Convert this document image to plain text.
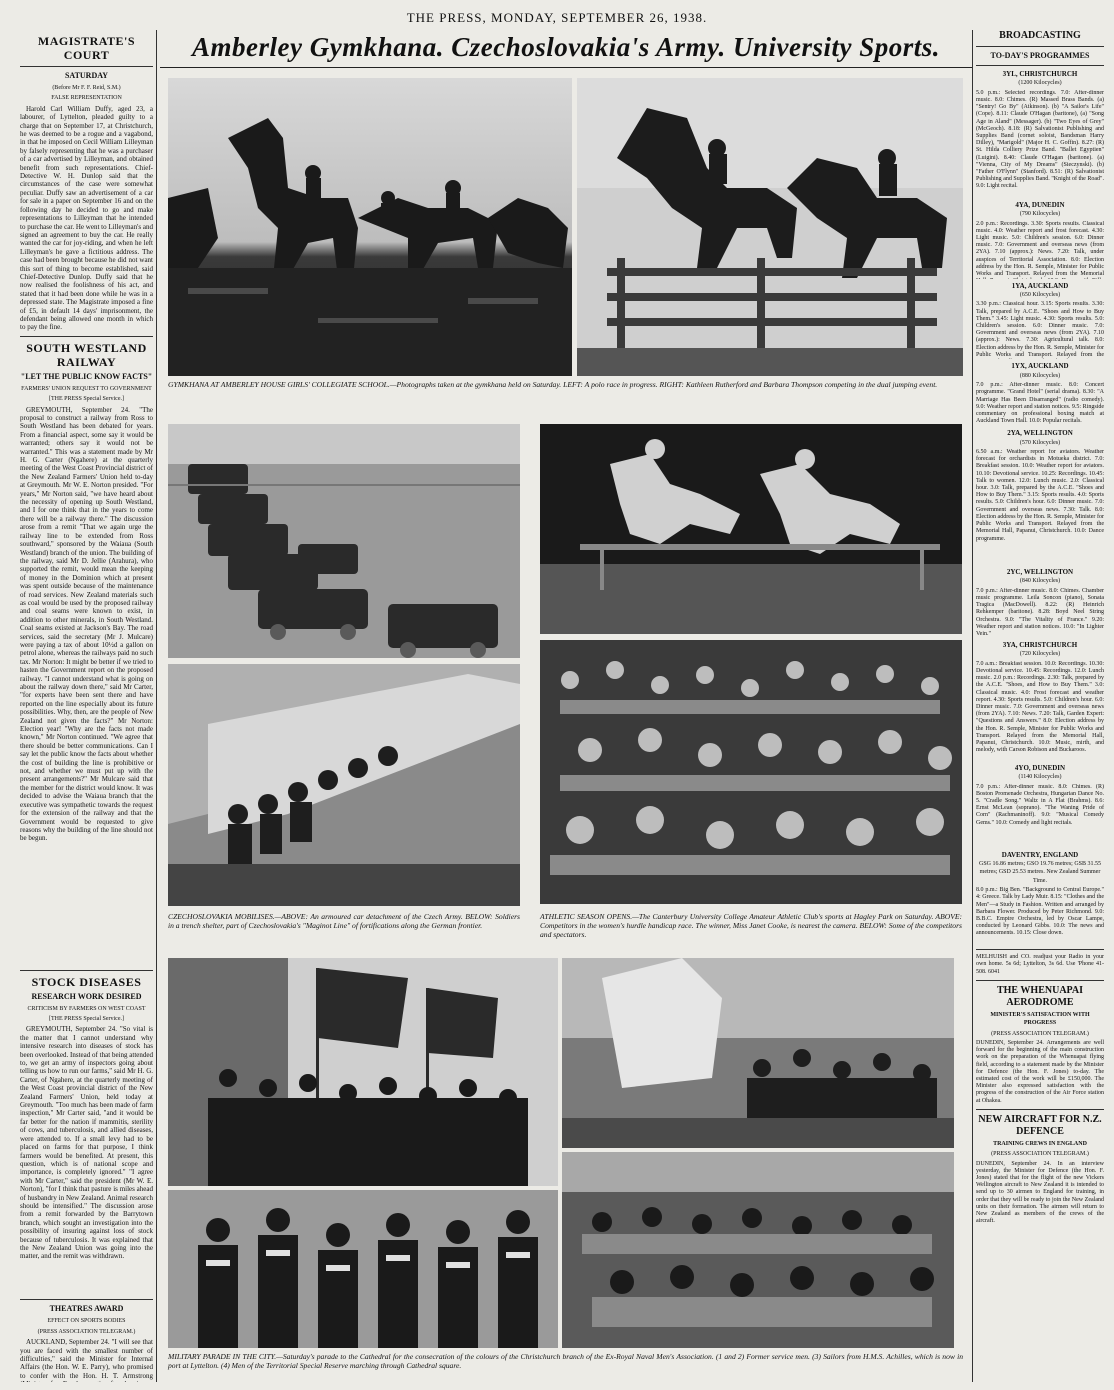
THE PRESS, MONDAY, SEPTEMBER 26, 1938.
MAGISTRATE'S COURT
SATURDAY
(Before Mr F. F. Reid, S.M.)
FALSE REPRESENTATION
Harold Carl William Duffy, aged 23, a labourer, of Lyttelton, pleaded guilty to a charge that on September 17, at Christchurch, he was deemed to be a rogue and a vagabond, in that he imposed on Cecil William Lilleyman by falsely representing that he was a purchaser of a car advertised by Lilleyman, and obtained benefit from such representations. Chief-Detective W. H. Dunlop said that the circumstances of the case were somewhat peculiar. Duffy saw an advertisement of a car for sale in a paper on September 16 and on the following day he decided to go and make representations to Lilleyman that he intended to purchase the car. He went to Lilleyman's and signed an agreement to buy the car. He really wanted the car for joy-riding, and when he left Lilleyman's he gave a fictitious address. The case had been brought because he did not want this sort of thing to become established, said Chief-Detective Dunlop. Duffy said that he now realised the foolishness of his act, and stated that it had been done while he was in a depressed state. The Magistrate imposed a fine of £5, in default 14 days' imprisonment, the defendant being allowed one month in which to pay the fine.
SOUTH WESTLAND RAILWAY
"LET THE PUBLIC KNOW FACTS"
FARMERS' UNION REQUEST TO GOVERNMENT
[THE PRESS Special Service.]
GREYMOUTH, September 24. "The proposal to construct a railway from Ross to South Westland has been debated for years. From a financial aspect, some say it would be warranted; others say it would not be warranted." This was a statement made by Mr H. G. Carter (Ngahere) at the quarterly meeting of the West Coast Provincial district of the New Zealand Farmers' Union held to-day at Greymouth. Mr W. E. Norton presided. "For years," Mr Norton said, "we have heard about the necessity of opening up South Westland, and I for one think that in the years to come there will be a railway there." The discussion arose from a remit "That we again urge the railway line to be extended from Ross southward," sponsored by the Waiaua (South Westland) branch of the union. The building of the railway, said Mr D. Jellie (Arahura), who supported the remit, would mean the keeping of money in the Dominion which at present was spent outside because of the maintenance of road services. New Zealand materials such as coal would be used by the proposed railway and coal seams were known to exist, in addition to other minerals, in South Westland. Coal seams existed at Jackson's Bay. The road services, said the secretary (Mr J. Mulcare) were paying a tax of about 10½d a gallon on petrol alone, whereas the railways paid no such tax. Mr Norton: It might be better if we tried to hasten the Government report on the proposed railway. "I cannot understand what is going on about the railway down there," said Mr Carter, "for experts have been sent there and have reported on the line especially about its future possibilities. Why, then, are the people of New Zealand not given the facts?" Mr Norton: Election year! "Why are the facts not made known," Mr Norton continued. "We agree that there should be better communications. Can I say let the public know the facts about whether the cost of building the line is prohibitive or not, and whether we must put up with the present arrangements?" Mr Mulcare said that the member for the district would know. It was decided to advise the Waiaua branch that the executive was sympathetic towards the request for the extension of the railway and that the Government would be requested to give reasons why the building of the line should not be begun.
STOCK DISEASES
RESEARCH WORK DESIRED
CRITICISM BY FARMERS ON WEST COAST
[THE PRESS Special Service.]
GREYMOUTH, September 24. "So vital is the matter that I cannot understand why intensive research into diseases of stock has been overlooked. Instead of that being attended to, we get an army of inspectors going about telling us how to run our farms," said Mr H. G. Carter, of Ngahere, at the quarterly meeting of the West Coast provincial district of the New Zealand Farmers' Union, held today at Greymouth. "Too much has been made of farm inspection," Mr Carter said, "and it would be far better for the nation if mammitis, sterility of cows, and tuberculosis, and allied diseases, were attended to. If a small levy had to be placed on farms for that purpose, I think farmers would be benefited. At present, this question, which is of national scope and importance, is completely ignored." "I agree with Mr Carter," said the president (Mr W. E. Norton), "for I think that pasture is miles ahead of husbandry in New Zealand. Animal research should be intensified." The discussion arose from a remit forwarded by the Barrytown branch, which sought an investigation into the possibility of insuring against loss of stock because of tuberculosis. It was explained that the New Zealand Union was going into the matter, and the remit was withdrawn.
THEATRES AWARD
EFFECT ON SPORTS BODIES
(PRESS ASSOCIATION TELEGRAM.)
AUCKLAND, September 24. "I will see that you are faced with the smallest number of difficulties," said the Minister for Internal Affairs (the Hon. W. E. Parry), who promised to confer with the Hon. H. T. Armstrong
Amberley Gymkhana. Czechoslovakia's Army. University Sports.
GYMKHANA AT AMBERLEY HOUSE GIRLS' COLLEGIATE SCHOOL.—Photographs taken at the gymkhana held on Saturday. LEFT: A polo race in progress. RIGHT: Kathleen Rutherford and Barbara Thompson competing in the dual jumping event.
CZECHOSLOVAKIA MOBILISES.—ABOVE: An armoured car detachment of the Czech Army. BELOW: Soldiers in a trench shelter, part of Czechoslovakia's "Maginot Line" of fortifications along the German frontier.
ATHLETIC SEASON OPENS.—The Canterbury University College Amateur Athletic Club's sports at Hagley Park on Saturday. ABOVE: Competitors in the women's hurdle handicap race. The winner, Miss Janet Cooke, is nearest the camera. BELOW: Some of the competitors and spectators.
MILITARY PARADE IN THE CITY.—Saturday's parade to the Cathedral for the consecration of the colours of the Christchurch branch of the Ex-Royal Naval Men's Association. (1 and 2) Former service men. (3) Sailors from H.M.S. Achilles, which is now in port at Lyttelton. (4) Men of the Territorial Special Reserve marching through Cathedral square.
BROADCASTING
TO-DAY'S PROGRAMMES
3YL, CHRISTCHURCH
(1200 Kilocycles)
5.0 p.m.: Selected recordings. 7.0: After-dinner music. 8.0: Chimes. (R) Massed Brass Bands. (a) "Sentry! Go By" (Atkinson). (b) "A Sailor's Life" (Cope). 8.11: Claude O'Hagan (baritone), (a) "Song Age in Aland" (Messager). (b) "Two Eyes of Grey" (McGeoch). 8.18: (R) Salvationist Publishing and Supplies Band (cornet soloist, Bandsman Harry Dilley), "Marigold" (Major H. C. Goffin). 8.27: (R) St. Hilda Colliery Prize Band. "Ballet Egyptien" (Luigini). 8.40: Claude O'Hagan (baritone). (a) "Vienna, City of My Dreams" (Sieczynski). (b) "Father O'Flynn" (Stanford). 8.51: (R) Salvationist Publishing and Supplies Band. "Knight of the Road". 9.0: Light recital.
4YA, DUNEDIN
(790 Kilocycles)
2.0 p.m.: Recordings. 3.30: Sports results. Classical music. 4.0: Weather report and frost forecast. 4.30: Light music. 5.0: Children's session. 6.0: Dinner music. 7.0: Government and overseas news (from 2YA). 7.10 (approx.): News. 7.20: Talk, under auspices of Territorial Association. 8.0: Election address by the Hon. R. Semple, Minister for Public Works and Transport. Relayed from the Memorial
1YA, AUCKLAND
(650 Kilocycles)
3.30 p.m.: Classical hour. 3.15: Sports results. 3.30: Talk, prepared by A.C.E. "Shoes and How to Buy Them." 3.45: Light music. 4.30: Sports results. 5.0: Children's session. 6.0: Dinner music. 7.0: Government and overseas news (from 2YA). 7.10 (approx.): News. 7.30: Agricultural talk. 8.0: Election address by the Hon. R. Semple, Minister for Public Works and Transport. Relayed from the
1YX, AUCKLAND
(880 Kilocycles)
7.0 p.m.: After-dinner music. 8.0: Concert programme. "Grand Hotel" (serial drama). 8.30: "A Marriage Has Been Disarranged" (radio comedy). 9.0: Weather report and station notices. 9.5: Ringside commentary on professional boxing match at Auckland Town Hall. 10.0: Popular recitals.
2YA, WELLINGTON
(570 Kilocycles)
6.50 a.m.: Weather report for aviators. Weather forecast for orchardists in Motueka district. 7.0: Breakfast session. 10.0: Weather report for aviators. 10.10: Devotional service. 10.25: Recordings. 10.45: Talk to women. 12.0: Lunch music. 2.0: Classical hour. 3.0: Talk, prepared by the A.C.E. "Shoes and How to Buy Them." 3.15: Sports results. 4.0: Sports results. 5.0: Children's hour. 6.0: Dinner music. 7.0: Government and overseas news. 7.30: Talk. 8.0: Election address by the Hon. R. Semple, Minister for Public Works and Transport. Relayed from the Memorial Hall, Papanui, Christchurch. 10.0: Dance programme.
2YC, WELLINGTON
(840 Kilocycles)
7.0 p.m.: After-dinner music. 8.0: Chimes. Chamber music programme. Leila Soncon (piano), Sonata Tragica (MacDowell). 8.22: (R) Heinrich Rehkemper (baritone). 8.28: Boyd Neel String Orchestra. 9.0: "The Vitality of France." 9.20: Weather report and station notices. 10.0: "In Lighter Vein."
3YA, CHRISTCHURCH
(720 Kilocycles)
7.0 a.m.: Breakfast session. 10.0: Recordings. 10.30: Devotional service. 10.45: Recordings. 12.0: Lunch music. 2.0 p.m.: Recordings. 2.30: Talk, prepared by the A.C.E. "Shoes, and How to Buy Them." 3.0: Classical music. 4.0: Frost forecast and weather report. 4.30: Sports results. 5.0: Children's hour. 6.0: Dinner music. 7.0: Government and overseas news (from 2YA). 7.10: News. 7.20: Talk, Garden Expert: "Questions and Answers." 8.0: Election address by the Hon. R. Semple, Minister for Public Works and Transport. Relayed from the Memorial Hall, Papanui, Christchurch. 10.0: Music, mirth, and melody, with Carson Robison and Buckaroos.
4YO, DUNEDIN
(1140 Kilocycles)
7.0 p.m.: After-dinner music. 8.0: Chimes. (R) Boston Promenade Orchestra, Hungarian Dance No. 5. "Cradle Song." Waltz in A Flat (Brahms). 8.6: Ernst McLean (soprano). "The Waning Pride of Corn" (Rachmaninoff). 9.0: "Musical Comedy Gems." 10.0: Comedy and light recitals.
DAVENTRY, ENGLAND
GSG 16.86 metres; GSO 19.76 metres; GSB 31.55 metres; GSD 25.53 metres. New Zealand Summer Time.
8.0 p.m.: Big Ben. "Background to Central Europe." 4: Greece. Talk by Lady Muir. 8.15: "Clothes and the Men"—a Study in Fashion. Written and arranged by Barbara Flower. Produced by Peter Richmond. 9.0: B.B.C. Empire Orchestra, led by Oscar Lampe, conducted by Leonard Gibbs. 10.0: The news and announcements. 10.15: Close down.
MELHUISH and CO. readjust your Radio in your own home. 5s 6d; Lyttelton, 3s 6d. Use 'Phone 41-508. 6041
THE WHENUAPAI AERODROME
MINISTER'S SATISFACTION WITH PROGRESS
(PRESS ASSOCIATION TELEGRAM.)
DUNEDIN, September 24. Arrangements are well forward for the beginning of the main construction work on the preparation of the Whenuapai flying field, according to a statement made by the Minister for Defence (the Hon. F. Jones) to-day. The estimated cost of the work will be £150,000. The Minister also expressed satisfaction with the progress of the construction of the Air Force station at Ohakea.
NEW AIRCRAFT FOR N.Z. DEFENCE
TRAINING CREWS IN ENGLAND
(PRESS ASSOCIATION TELEGRAM.)
DUNEDIN, September 24. In an interview yesterday, the Minister for Defence (the Hon. F. Jones) stated that for the flight of the new Vickers Wellington aircraft to New Zealand it is intended to send up to 30 airmen to England for training, in order that they will be ready to join the New Zealand units on their formation. The airmen will return to New Zealand as members of the crews of the aircraft.
